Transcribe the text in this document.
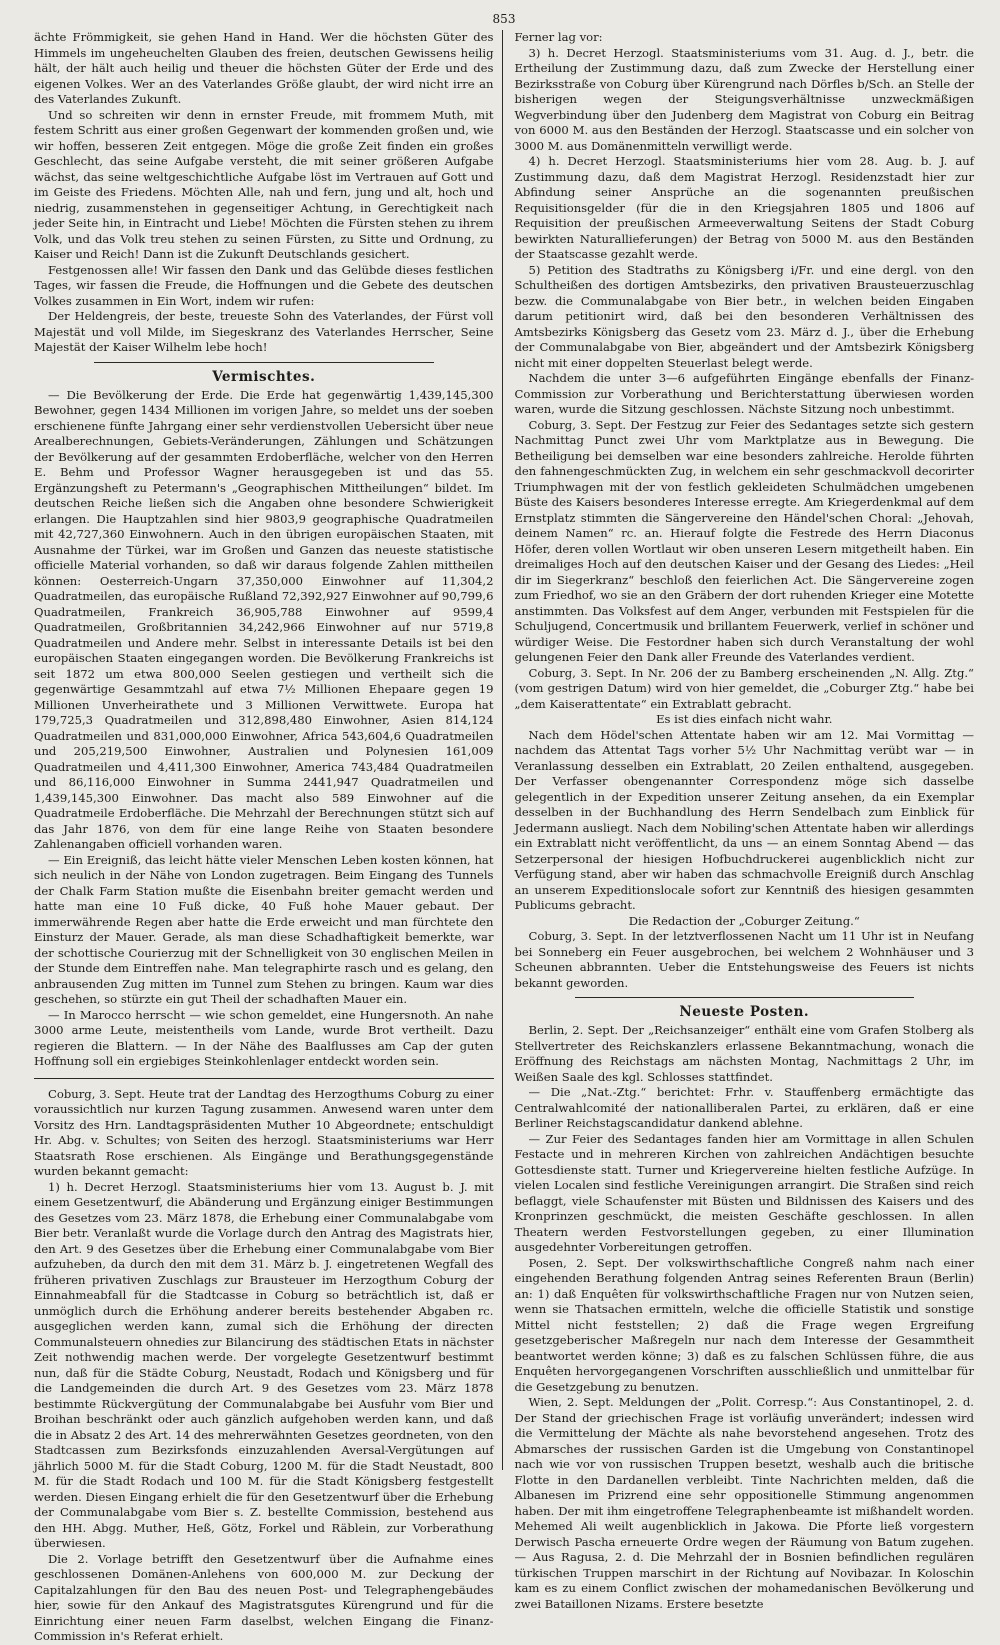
853

ächte Frömmigkeit, sie gehen Hand in Hand. Wer die höchsten Güter des Himmels im ungeheuchelten Glauben des freien, deutschen Gewissens heilig hält, der hält auch heilig und theuer die höchsten Güter der Erde und des eigenen Volkes. Wer an des Vaterlandes Größe glaubt, der wird nicht irre an des Vaterlandes Zukunft.

Und so schreiten wir denn in ernster Freude, mit frommem Muth, mit festem Schritt aus einer großen Gegenwart der kommenden großen und, wie wir hoffen, besseren Zeit entgegen. Möge die große Zeit finden ein großes Geschlecht, das seine Aufgabe versteht, die mit seiner größeren Aufgabe wächst, das seine weltgeschichtliche Aufgabe löst im Vertrauen auf Gott und im Geiste des Friedens. Möchten Alle, nah und fern, jung und alt, hoch und niedrig, zusammenstehen in gegenseitiger Achtung, in Gerechtigkeit nach jeder Seite hin, in Eintracht und Liebe! Möchten die Fürsten stehen zu ihrem Volk, und das Volk treu stehen zu seinen Fürsten, zu Sitte und Ordnung, zu Kaiser und Reich! Dann ist die Zukunft Deutschlands gesichert.

Festgenossen alle! Wir fassen den Dank und das Gelübde dieses festlichen Tages, wir fassen die Freude, die Hoffnungen und die Gebete des deutschen Volkes zusammen in Ein Wort, indem wir rufen:

Der Heldengreis, der beste, treueste Sohn des Vaterlandes, der Fürst voll Majestät und voll Milde, im Siegeskranz des Vaterlandes Herrscher, Seine Majestät der Kaiser Wilhelm lebe hoch!

Vermischtes.

— Die Bevölkerung der Erde. Die Erde hat gegenwärtig 1,439,145,300 Bewohner, gegen 1434 Millionen im vorigen Jahre, so meldet uns der soeben erschienene fünfte Jahrgang einer sehr verdienstvollen Uebersicht über neue Arealberechnungen, Gebiets-Veränderungen, Zählungen und Schätzungen der Bevölkerung auf der gesammten Erdoberfläche, welcher von den Herren E. Behm und Professor Wagner herausgegeben ist und das 55. Ergänzungsheft zu Petermann's „Geographischen Mittheilungen“ bildet. Im deutschen Reiche ließen sich die Angaben ohne besondere Schwierigkeit erlangen. Die Hauptzahlen sind hier 9803,9 geographische Quadratmeilen mit 42,727,360 Einwohnern. Auch in den übrigen europäischen Staaten, mit Ausnahme der Türkei, war im Großen und Ganzen das neueste statistische officielle Material vorhanden, so daß wir daraus folgende Zahlen mittheilen können: Oesterreich-Ungarn 37,350,000 Einwohner auf 11,304,2 Quadratmeilen, das europäische Rußland 72,392,927 Einwohner auf 90,799,6 Quadratmeilen, Frankreich 36,905,788 Einwohner auf 9599,4 Quadratmeilen, Großbritannien 34,242,966 Einwohner auf nur 5719,8 Quadratmeilen und Andere mehr. Selbst in interessante Details ist bei den europäischen Staaten eingegangen worden. Die Bevölkerung Frankreichs ist seit 1872 um etwa 800,000 Seelen gestiegen und vertheilt sich die gegenwärtige Gesammtzahl auf etwa 7½ Millionen Ehepaare gegen 19 Millionen Unverheirathete und 3 Millionen Verwittwete. Europa hat 179,725,3 Quadratmeilen und 312,898,480 Einwohner, Asien 814,124 Quadratmeilen und 831,000,000 Einwohner, Africa 543,604,6 Quadratmeilen und 205,219,500 Einwohner, Australien und Polynesien 161,009 Quadratmeilen und 4,411,300 Einwohner, America 743,484 Quadratmeilen und 86,116,000 Einwohner in Summa 2441,947 Quadratmeilen und 1,439,145,300 Einwohner. Das macht also 589 Einwohner auf die Quadratmeile Erdoberfläche. Die Mehrzahl der Berechnungen stützt sich auf das Jahr 1876, von dem für eine lange Reihe von Staaten besondere Zahlenangaben officiell vorhanden waren.

— Ein Ereigniß, das leicht hätte vieler Menschen Leben kosten können, hat sich neulich in der Nähe von London zugetragen. Beim Eingang des Tunnels der Chalk Farm Station mußte die Eisenbahn breiter gemacht werden und hatte man eine 10 Fuß dicke, 40 Fuß hohe Mauer gebaut. Der immerwährende Regen aber hatte die Erde erweicht und man fürchtete den Einsturz der Mauer. Gerade, als man diese Schadhaftigkeit bemerkte, war der schottische Courierzug mit der Schnelligkeit von 30 englischen Meilen in der Stunde dem Eintreffen nahe. Man telegraphirte rasch und es gelang, den anbrausenden Zug mitten im Tunnel zum Stehen zu bringen. Kaum war dies geschehen, so stürzte ein gut Theil der schadhaften Mauer ein.

— In Marocco herrscht — wie schon gemeldet, eine Hungersnoth. An nahe 3000 arme Leute, meistentheils vom Lande, wurde Brot vertheilt. Dazu regieren die Blattern. — In der Nähe des Baalflusses am Cap der guten Hoffnung soll ein ergiebiges Steinkohlenlager entdeckt worden sein.

Coburg, 3. Sept. Heute trat der Landtag des Herzogthums Coburg zu einer voraussichtlich nur kurzen Tagung zusammen. Anwesend waren unter dem Vorsitz des Hrn. Landtagspräsidenten Muther 10 Abgeordnete; entschuldigt Hr. Abg. v. Schultes; von Seiten des herzogl. Staatsministeriums war Herr Staatsrath Rose erschienen. Als Eingänge und Berathungsgegenstände wurden bekannt gemacht:

1) h. Decret Herzogl. Staatsministeriums hier vom 13. August b. J. mit einem Gesetzentwurf, die Abänderung und Ergänzung einiger Bestimmungen des Gesetzes vom 23. März 1878, die Erhebung einer Communalabgabe vom Bier betr. Veranlaßt wurde die Vorlage durch den Antrag des Magistrats hier, den Art. 9 des Gesetzes über die Erhebung einer Communalabgabe vom Bier aufzuheben, da durch den mit dem 31. März b. J. eingetretenen Wegfall des früheren privativen Zuschlags zur Brausteuer im Herzogthum Coburg der Einnahmeabfall für die Stadtcasse in Coburg so beträchtlich ist, daß er unmöglich durch die Erhöhung anderer bereits bestehender Abgaben rc. ausgeglichen werden kann, zumal sich die Erhöhung der directen Communalsteuern ohnedies zur Bilancirung des städtischen Etats in nächster Zeit nothwendig machen werde. Der vorgelegte Gesetzentwurf bestimmt nun, daß für die Städte Coburg, Neustadt, Rodach und Königsberg und für die Landgemeinden die durch Art. 9 des Gesetzes vom 23. März 1878 bestimmte Rückvergütung der Communalabgabe bei Ausfuhr vom Bier und Broihan beschränkt oder auch gänzlich aufgehoben werden kann, und daß die in Absatz 2 des Art. 14 des mehrerwähnten Gesetzes geordneten, von den Stadtcassen zum Bezirksfonds einzuzahlenden Aversal-Vergütungen auf jährlich 5000 M. für die Stadt Coburg, 1200 M. für die Stadt Neustadt, 800 M. für die Stadt Rodach und 100 M. für die Stadt Königsberg festgestellt werden. Diesen Eingang erhielt die für den Gesetzentwurf über die Erhebung der Communalabgabe vom Bier s. Z. bestellte Commission, bestehend aus den HH. Abgg. Muther, Heß, Götz, Forkel und Räblein, zur Vorberathung überwiesen.

Die 2. Vorlage betrifft den Gesetzentwurf über die Aufnahme eines geschlossenen Domänen-Anlehens von 600,000 M. zur Deckung der Capitalzahlungen für den Bau des neuen Post- und Telegraphengebäudes hier, sowie für den Ankauf des Magistratsgutes Kürengrund und für die Einrichtung einer neuen Farm daselbst, welchen Eingang die Finanz-Commission in's Referat erhielt.

Ferner lag vor:

3) h. Decret Herzogl. Staatsministeriums vom 31. Aug. d. J., betr. die Ertheilung der Zustimmung dazu, daß zum Zwecke der Herstellung einer Bezirksstraße von Coburg über Kürengrund nach Dörfles b/Sch. an Stelle der bisherigen wegen der Steigungsverhältnisse unzweckmäßigen Wegverbindung über den Judenberg dem Magistrat von Coburg ein Beitrag von 6000 M. aus den Beständen der Herzogl. Staatscasse und ein solcher von 3000 M. aus Domänenmitteln verwilligt werde.

4) h. Decret Herzogl. Staatsministeriums hier vom 28. Aug. b. J. auf Zustimmung dazu, daß dem Magistrat Herzogl. Residenzstadt hier zur Abfindung seiner Ansprüche an die sogenannten preußischen Requisitionsgelder (für die in den Kriegsjahren 1805 und 1806 auf Requisition der preußischen Armeeverwaltung Seitens der Stadt Coburg bewirkten Naturallieferungen) der Betrag von 5000 M. aus den Beständen der Staatscasse gezahlt werde.

5) Petition des Stadtraths zu Königsberg i/Fr. und eine dergl. von den Schultheißen des dortigen Amtsbezirks, den privativen Brausteuerzuschlag bezw. die Communalabgabe von Bier betr., in welchen beiden Eingaben darum petitionirt wird, daß bei den besonderen Verhältnissen des Amtsbezirks Königsberg das Gesetz vom 23. März d. J., über die Erhebung der Communalabgabe von Bier, abgeändert und der Amtsbezirk Königsberg nicht mit einer doppelten Steuerlast belegt werde.

Nachdem die unter 3—6 aufgeführten Eingänge ebenfalls der Finanz-Commission zur Vorberathung und Berichterstattung überwiesen worden waren, wurde die Sitzung geschlossen. Nächste Sitzung noch unbestimmt.

Coburg, 3. Sept. Der Festzug zur Feier des Sedantages setzte sich gestern Nachmittag Punct zwei Uhr vom Marktplatze aus in Bewegung. Die Betheiligung bei demselben war eine besonders zahlreiche. Herolde führten den fahnengeschmückten Zug, in welchem ein sehr geschmackvoll decorirter Triumphwagen mit der von festlich gekleideten Schulmädchen umgebenen Büste des Kaisers besonderes Interesse erregte. Am Kriegerdenkmal auf dem Ernstplatz stimmten die Sängervereine den Händel'schen Choral: „Jehovah, deinem Namen“ rc. an. Hierauf folgte die Festrede des Herrn Diaconus Höfer, deren vollen Wortlaut wir oben unseren Lesern mitgetheilt haben. Ein dreimaliges Hoch auf den deutschen Kaiser und der Gesang des Liedes: „Heil dir im Siegerkranz“ beschloß den feierlichen Act. Die Sängervereine zogen zum Friedhof, wo sie an den Gräbern der dort ruhenden Krieger eine Motette anstimmten. Das Volksfest auf dem Anger, verbunden mit Festspielen für die Schuljugend, Concertmusik und brillantem Feuerwerk, verlief in schöner und würdiger Weise. Die Festordner haben sich durch Veranstaltung der wohl gelungenen Feier den Dank aller Freunde des Vaterlandes verdient.

Coburg, 3. Sept. In Nr. 206 der zu Bamberg erscheinenden „N. Allg. Ztg.“ (vom gestrigen Datum) wird von hier gemeldet, die „Coburger Ztg.“ habe bei „dem Kaiserattentate“ ein Extrablatt gebracht.

Es ist dies einfach nicht wahr.

Nach dem Hödel'schen Attentate haben wir am 12. Mai Vormittag — nachdem das Attentat Tags vorher 5½ Uhr Nachmittag verübt war — in Veranlassung desselben ein Extrablatt, 20 Zeilen enthaltend, ausgegeben. Der Verfasser obengenannter Correspondenz möge sich dasselbe gelegentlich in der Expedition unserer Zeitung ansehen, da ein Exemplar desselben in der Buchhandlung des Herrn Sendelbach zum Einblick für Jedermann ausliegt. Nach dem Nobiling'schen Attentate haben wir allerdings ein Extrablatt nicht veröffentlicht, da uns — an einem Sonntag Abend — das Setzerpersonal der hiesigen Hofbuchdruckerei augenblicklich nicht zur Verfügung stand, aber wir haben das schmachvolle Ereigniß durch Anschlag an unserem Expeditionslocale sofort zur Kenntniß des hiesigen gesammten Publicums gebracht.

Die Redaction der „Coburger Zeitung.“

Coburg, 3. Sept. In der letztverflossenen Nacht um 11 Uhr ist in Neufang bei Sonneberg ein Feuer ausgebrochen, bei welchem 2 Wohnhäuser und 3 Scheunen abbrannten. Ueber die Entstehungsweise des Feuers ist nichts bekannt geworden.

Neueste Posten.

Berlin, 2. Sept. Der „Reichsanzeiger“ enthält eine vom Grafen Stolberg als Stellvertreter des Reichskanzlers erlassene Bekanntmachung, wonach die Eröffnung des Reichstags am nächsten Montag, Nachmittags 2 Uhr, im Weißen Saale des kgl. Schlosses stattfindet.

— Die „Nat.-Ztg.“ berichtet: Frhr. v. Stauffenberg ermächtigte das Centralwahlcomité der nationalliberalen Partei, zu erklären, daß er eine Berliner Reichstagscandidatur dankend ablehne.

— Zur Feier des Sedantages fanden hier am Vormittage in allen Schulen Festacte und in mehreren Kirchen von zahlreichen Andächtigen besuchte Gottesdienste statt. Turner und Kriegervereine hielten festliche Aufzüge. In vielen Localen sind festliche Vereinigungen arrangirt. Die Straßen sind reich beflaggt, viele Schaufenster mit Büsten und Bildnissen des Kaisers und des Kronprinzen geschmückt, die meisten Geschäfte geschlossen. In allen Theatern werden Festvorstellungen gegeben, zu einer Illumination ausgedehnter Vorbereitungen getroffen.

Posen, 2. Sept. Der volkswirthschaftliche Congreß nahm nach einer eingehenden Berathung folgenden Antrag seines Referenten Braun (Berlin) an: 1) daß Enquêten für volkswirthschaftliche Fragen nur von Nutzen seien, wenn sie Thatsachen ermitteln, welche die officielle Statistik und sonstige Mittel nicht feststellen; 2) daß die Frage wegen Ergreifung gesetzgeberischer Maßregeln nur nach dem Interesse der Gesammtheit beantwortet werden könne; 3) daß es zu falschen Schlüssen führe, die aus Enquêten hervorgegangenen Vorschriften ausschließlich und unmittelbar für die Gesetzgebung zu benutzen.

Wien, 2. Sept. Meldungen der „Polit. Corresp.“: Aus Constantinopel, 2. d. Der Stand der griechischen Frage ist vorläufig unverändert; indessen wird die Vermittelung der Mächte als nahe bevorstehend angesehen. Trotz des Abmarsches der russischen Garden ist die Umgebung von Constantinopel nach wie vor von russischen Truppen besetzt, weshalb auch die britische Flotte in den Dardanellen verbleibt. Tinte Nachrichten melden, daß die Albanesen im Prizrend eine sehr oppositionelle Stimmung angenommen haben. Der mit ihm eingetroffene Telegraphenbeamte ist mißhandelt worden. Mehemed Ali weilt augenblicklich in Jakowa. Die Pforte ließ vorgestern Derwisch Pascha erneuerte Ordre wegen der Räumung von Batum zugehen. — Aus Ragusa, 2. d. Die Mehrzahl der in Bosnien befindlichen regulären türkischen Truppen marschirt in der Richtung auf Novibazar. In Koloschin kam es zu einem Conflict zwischen der mohamedanischen Bevölkerung und zwei Bataillonen Nizams. Erstere besetzte
